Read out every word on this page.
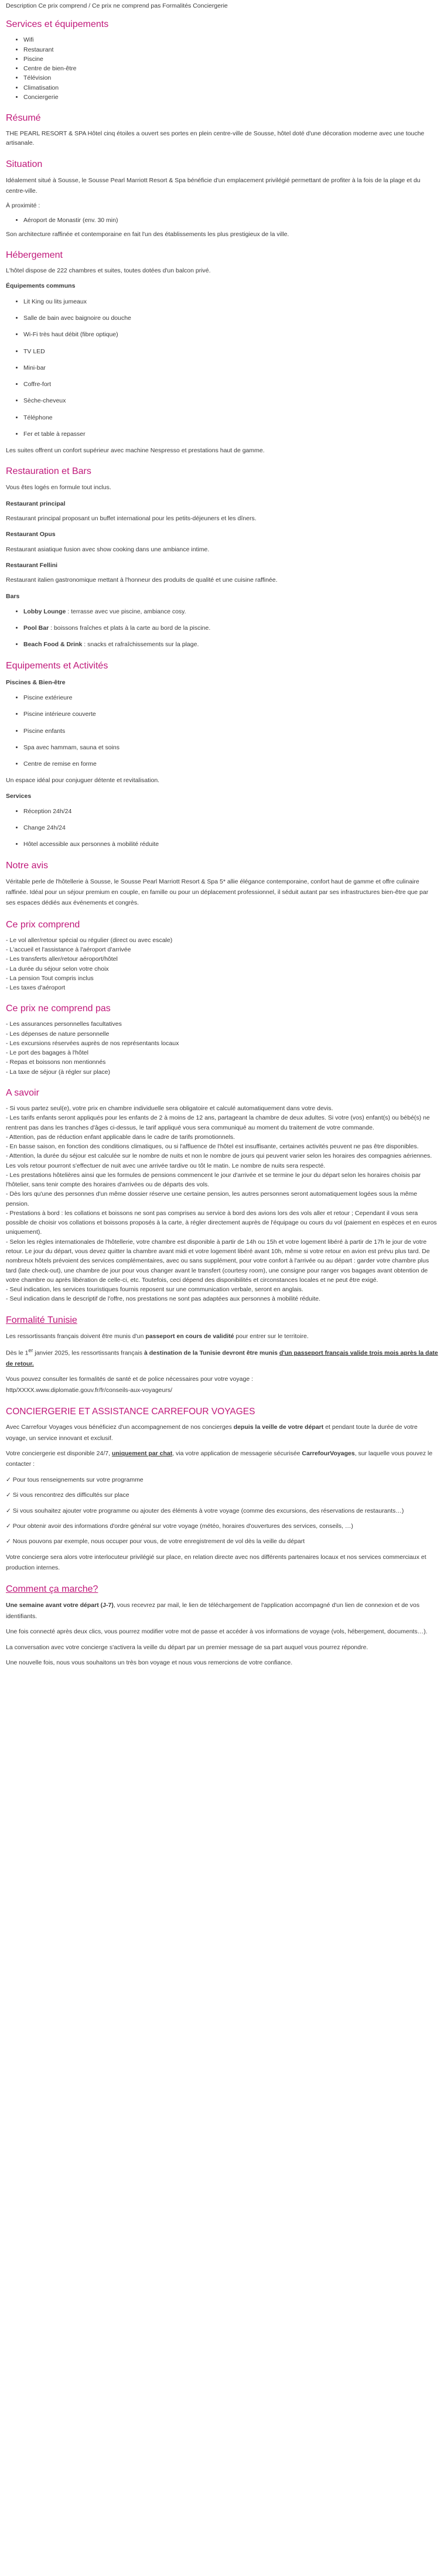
Description Ce prix comprend / Ce prix ne comprend pas Formalités Conciergerie
Services et équipements
• Wifi
• Restaurant
• Piscine
• Centre de bien-être
• Télévision
• Climatisation
• Conciergerie
Résumé

THE PEARL RESORT & SPA Hôtel cinq étoiles a ouvert ses portes en plein centre-ville de Sousse, hôtel doté d'une décoration moderne avec une touche artisanale.

Situation

Idéalement situé à Sousse, le Sousse Pearl Marriott Resort & Spa bénéficie d'un emplacement privilégié permettant de profiter à la fois de la plage et du centre-ville.

À proximité :

• Aéroport de Monastir (env. 30 min)

Son architecture raffinée et contemporaine en fait l'un des établissements les plus prestigieux de la ville.

Hébergement

L'hôtel dispose de 222 chambres et suites, toutes dotées d'un balcon privé.

Équipements communs
• Lit King ou lits jumeaux
• Salle de bain avec baignoire ou douche
• Wi-Fi très haut débit (fibre optique)
• TV LED
• Mini-bar
• Coffre-fort
• Sèche-cheveux
• Téléphone
• Fer et table à repasser

Les suites offrent un confort supérieur avec machine Nespresso et prestations haut de gamme.

Restauration et Bars

Vous êtes logés en formule tout inclus.

Restaurant principal

Restaurant principal proposant un buffet international pour les petits-déjeuners et les dîners.

Restaurant Opus

Restaurant asiatique fusion avec show cooking dans une ambiance intime.

Restaurant Fellini

Restaurant italien gastronomique mettant à l'honneur des produits de qualité et une cuisine raffinée.

Bars
• Lobby Lounge : terrasse avec vue piscine, ambiance cosy.
• Pool Bar : boissons fraîches et plats à la carte au bord de la piscine.
• Beach Food & Drink : snacks et rafraîchissements sur la plage.
Equipements et Activités
Piscines & Bien-être
• Piscine extérieure
• Piscine intérieure couverte
• Piscine enfants
• Spa avec hammam, sauna et soins
• Centre de remise en forme

Un espace idéal pour conjuguer détente et revitalisation.

Services
• Réception 24h/24
• Change 24h/24
• Hôtel accessible aux personnes à mobilité réduite
Notre avis

Véritable perle de l'hôtellerie à Sousse, le Sousse Pearl Marriott Resort & Spa 5* allie élégance contemporaine, confort haut de gamme et offre culinaire raffinée. Idéal pour un séjour premium en couple, en famille ou pour un déplacement professionnel, il séduit autant par ses infrastructures bien-être que par ses espaces dédiés aux événements et congrès.

Ce prix comprend
- Le vol aller/retour spécial ou régulier (direct ou avec escale)
- L'accueil et l'assistance à l'aéroport d'arrivée
- Les transferts aller/retour aéroport/hôtel
- La durée du séjour selon votre choix
- La pension Tout compris inclus
- Les taxes d'aéroport
Ce prix ne comprend pas
- Les assurances personnelles facultatives
- Les dépenses de nature personnelle
- Les excursions réservées auprès de nos représentants locaux
- Le port des bagages à l'hôtel
- Repas et boissons non mentionnés
- La taxe de séjour (à régler sur place)
A savoir
- Si vous partez seul(e), votre prix en chambre individuelle sera obligatoire et calculé automatiquement dans votre devis.
- Les tarifs enfants seront appliqués pour les enfants de 2 à moins de 12 ans, partageant la chambre de deux adultes. Si votre (vos) enfant(s) ou bébé(s) ne rentrent pas dans les tranches d'âges ci-dessus, le tarif appliqué vous sera communiqué au moment du traitement de votre commande.
- Attention, pas de réduction enfant applicable dans le cadre de tarifs promotionnels.
- En basse saison, en fonction des conditions climatiques, ou si l'affluence de l'hôtel est insuffisante, certaines activités peuvent ne pas être disponibles.
- Attention, la durée du séjour est calculée sur le nombre de nuits et non le nombre de jours qui peuvent varier selon les horaires des compagnies aériennes. Les vols retour pourront s'effectuer de nuit avec une arrivée tardive ou tôt le matin. Le nombre de nuits sera respecté.
- Les prestations hôtelières ainsi que les formules de pensions commencent le jour d'arrivée et se termine le jour du départ selon les horaires choisis par l'hôtelier, sans tenir compte des horaires d'arrivées ou de départs des vols.
- Dès lors qu'une des personnes d'un même dossier réserve une certaine pension, les autres personnes seront automatiquement logées sous la même pension.
- Prestations à bord : les collations et boissons ne sont pas comprises au service à bord des avions lors des vols aller et retour ; Cependant il vous sera possible de choisir vos collations et boissons proposés à la carte, à régler directement auprès de l'équipage ou cours du vol (paiement en espèces et en euros uniquement).
- Selon les règles internationales de l'hôtellerie, votre chambre est disponible à partir de 14h ou 15h et votre logement libéré à partir de 17h le jour de votre retour. Le jour du départ, vous devez quitter la chambre avant midi et votre logement libéré avant 10h, même si votre retour en avion est prévu plus tard. De nombreux hôtels prévoient des services complémentaires, avec ou sans supplément, pour votre confort à l'arrivée ou au départ : garder votre chambre plus tard (late check-out), une chambre de jour pour vous changer avant le transfert (courtesy room), une consigne pour ranger vos bagages avant obtention de votre chambre ou après libération de celle-ci, etc. Toutefois, ceci dépend des disponibilités et circonstances locales et ne peut être exigé.
- Seul indication, les services touristiques fournis reposent sur une communication verbale, seront en anglais.
- Seul indication dans le descriptif de l'offre, nos prestations ne sont pas adaptées aux personnes à mobilité réduite.
Formalité Tunisie

Les ressortissants français doivent être munis d'un passeport en cours de validité pour entrer sur le territoire.

Dès le 1er janvier 2025, les ressortissants français à destination de la Tunisie devront être munis d'un passeport français valide trois mois après la date de retour.

Vous pouvez consulter les formalités de santé et de police nécessaires pour votre voyage :
http/XXXX.www.diplomatie.gouv.fr/fr/conseils-aux-voyageurs/

CONCIERGERIE ET ASSISTANCE CARREFOUR VOYAGES

Avec Carrefour Voyages vous bénéficiez d'un accompagnement de nos concierges depuis la veille de votre départ et pendant toute la durée de votre voyage, un service innovant et exclusif.

Votre conciergerie est disponible 24/7, uniquement par chat, via votre application de messagerie sécurisée CarrefourVoyages, sur laquelle vous pouvez le contacter :

✓ Pour tous renseignements sur votre programme

✓ Si vous rencontrez des difficultés sur place

✓ Si vous souhaitez ajouter votre programme ou ajouter des éléments à votre voyage (comme des excursions, des réservations de restaurants…)

✓ Pour obtenir avoir des informations d'ordre général sur votre voyage (météo, horaires d'ouvertures des services, conseils, …)

✓ Nous pouvons par exemple, nous occuper pour vous, de votre enregistrement de vol dès la veille du départ

Votre concierge sera alors votre interlocuteur privilégié sur place, en relation directe avec nos différents partenaires locaux et nos services commerciaux et production internes.

Comment ça marche?

Une semaine avant votre départ (J-7), vous recevrez par mail, le lien de téléchargement de l'application accompagné d'un lien de connexion et de vos identifiants.

Une fois connecté après deux clics, vous pourrez modifier votre mot de passe et accéder à vos informations de voyage (vols, hébergement, documents…).

La conversation avec votre concierge s'activera la veille du départ par un premier message de sa part auquel vous pourrez répondre.

Une nouvelle fois, nous vous souhaitons un très bon voyage et nous vous remercions de votre confiance.
